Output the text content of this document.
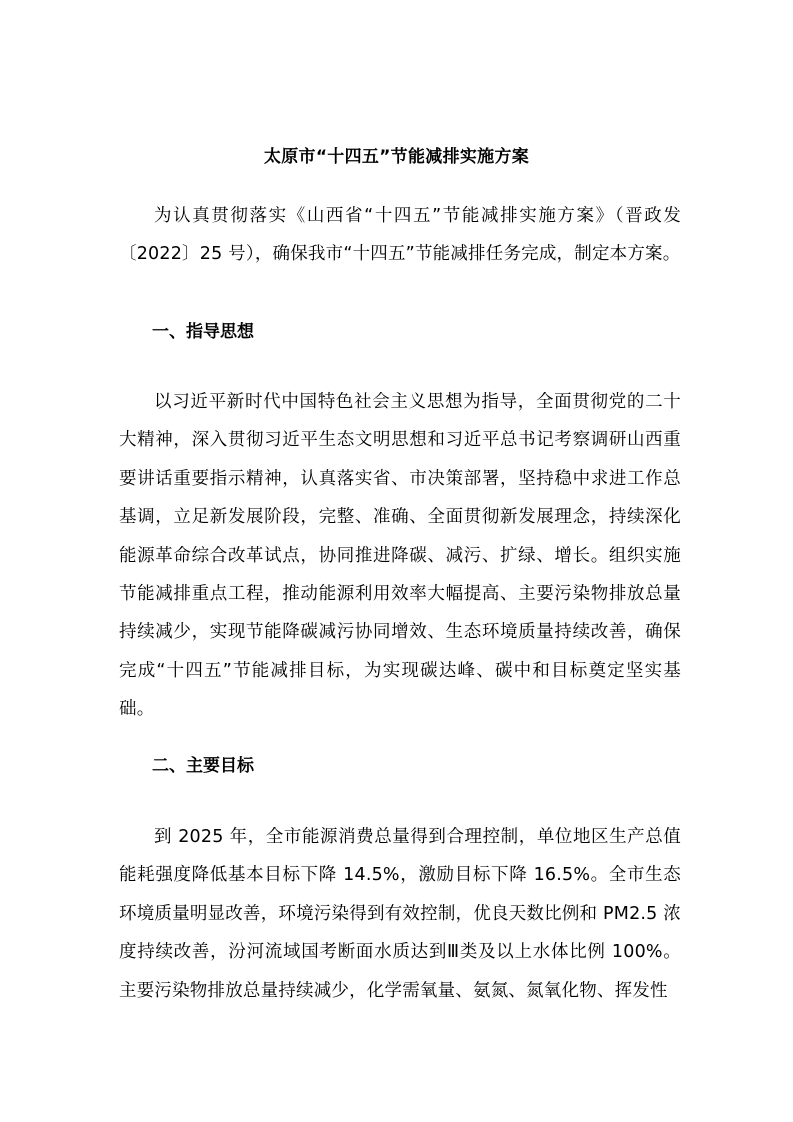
太原市“十四五”节能减排实施方案

为认真贯彻落实《山西省“十四五”节能减排实施方案》（晋政发〔2022〕25 号），确保我市“十四五”节能减排任务完成，制定本方案。

一、指导思想

以习近平新时代中国特色社会主义思想为指导，全面贯彻党的二十大精神，深入贯彻习近平生态文明思想和习近平总书记考察调研山西重要讲话重要指示精神，认真落实省、市决策部署，坚持稳中求进工作总基调，立足新发展阶段，完整、准确、全面贯彻新发展理念，持续深化能源革命综合改革试点，协同推进降碳、减污、扩绿、增长。组织实施节能减排重点工程，推动能源利用效率大幅提高、主要污染物排放总量持续减少，实现节能降碳减污协同增效、生态环境质量持续改善，确保完成“十四五”节能减排目标，为实现碳达峰、碳中和目标奠定坚实基础。

二、主要目标

到 2025 年，全市能源消费总量得到合理控制，单位地区生产总值能耗强度降低基本目标下降 14.5%，激励目标下降 16.5%。全市生态环境质量明显改善，环境污染得到有效控制，优良天数比例和 PM2.5 浓度持续改善，汾河流域国考断面水质达到Ⅲ类及以上水体比例 100%。主要污染物排放总量持续减少，化学需氧量、氨氮、氮氧化物、挥发性
